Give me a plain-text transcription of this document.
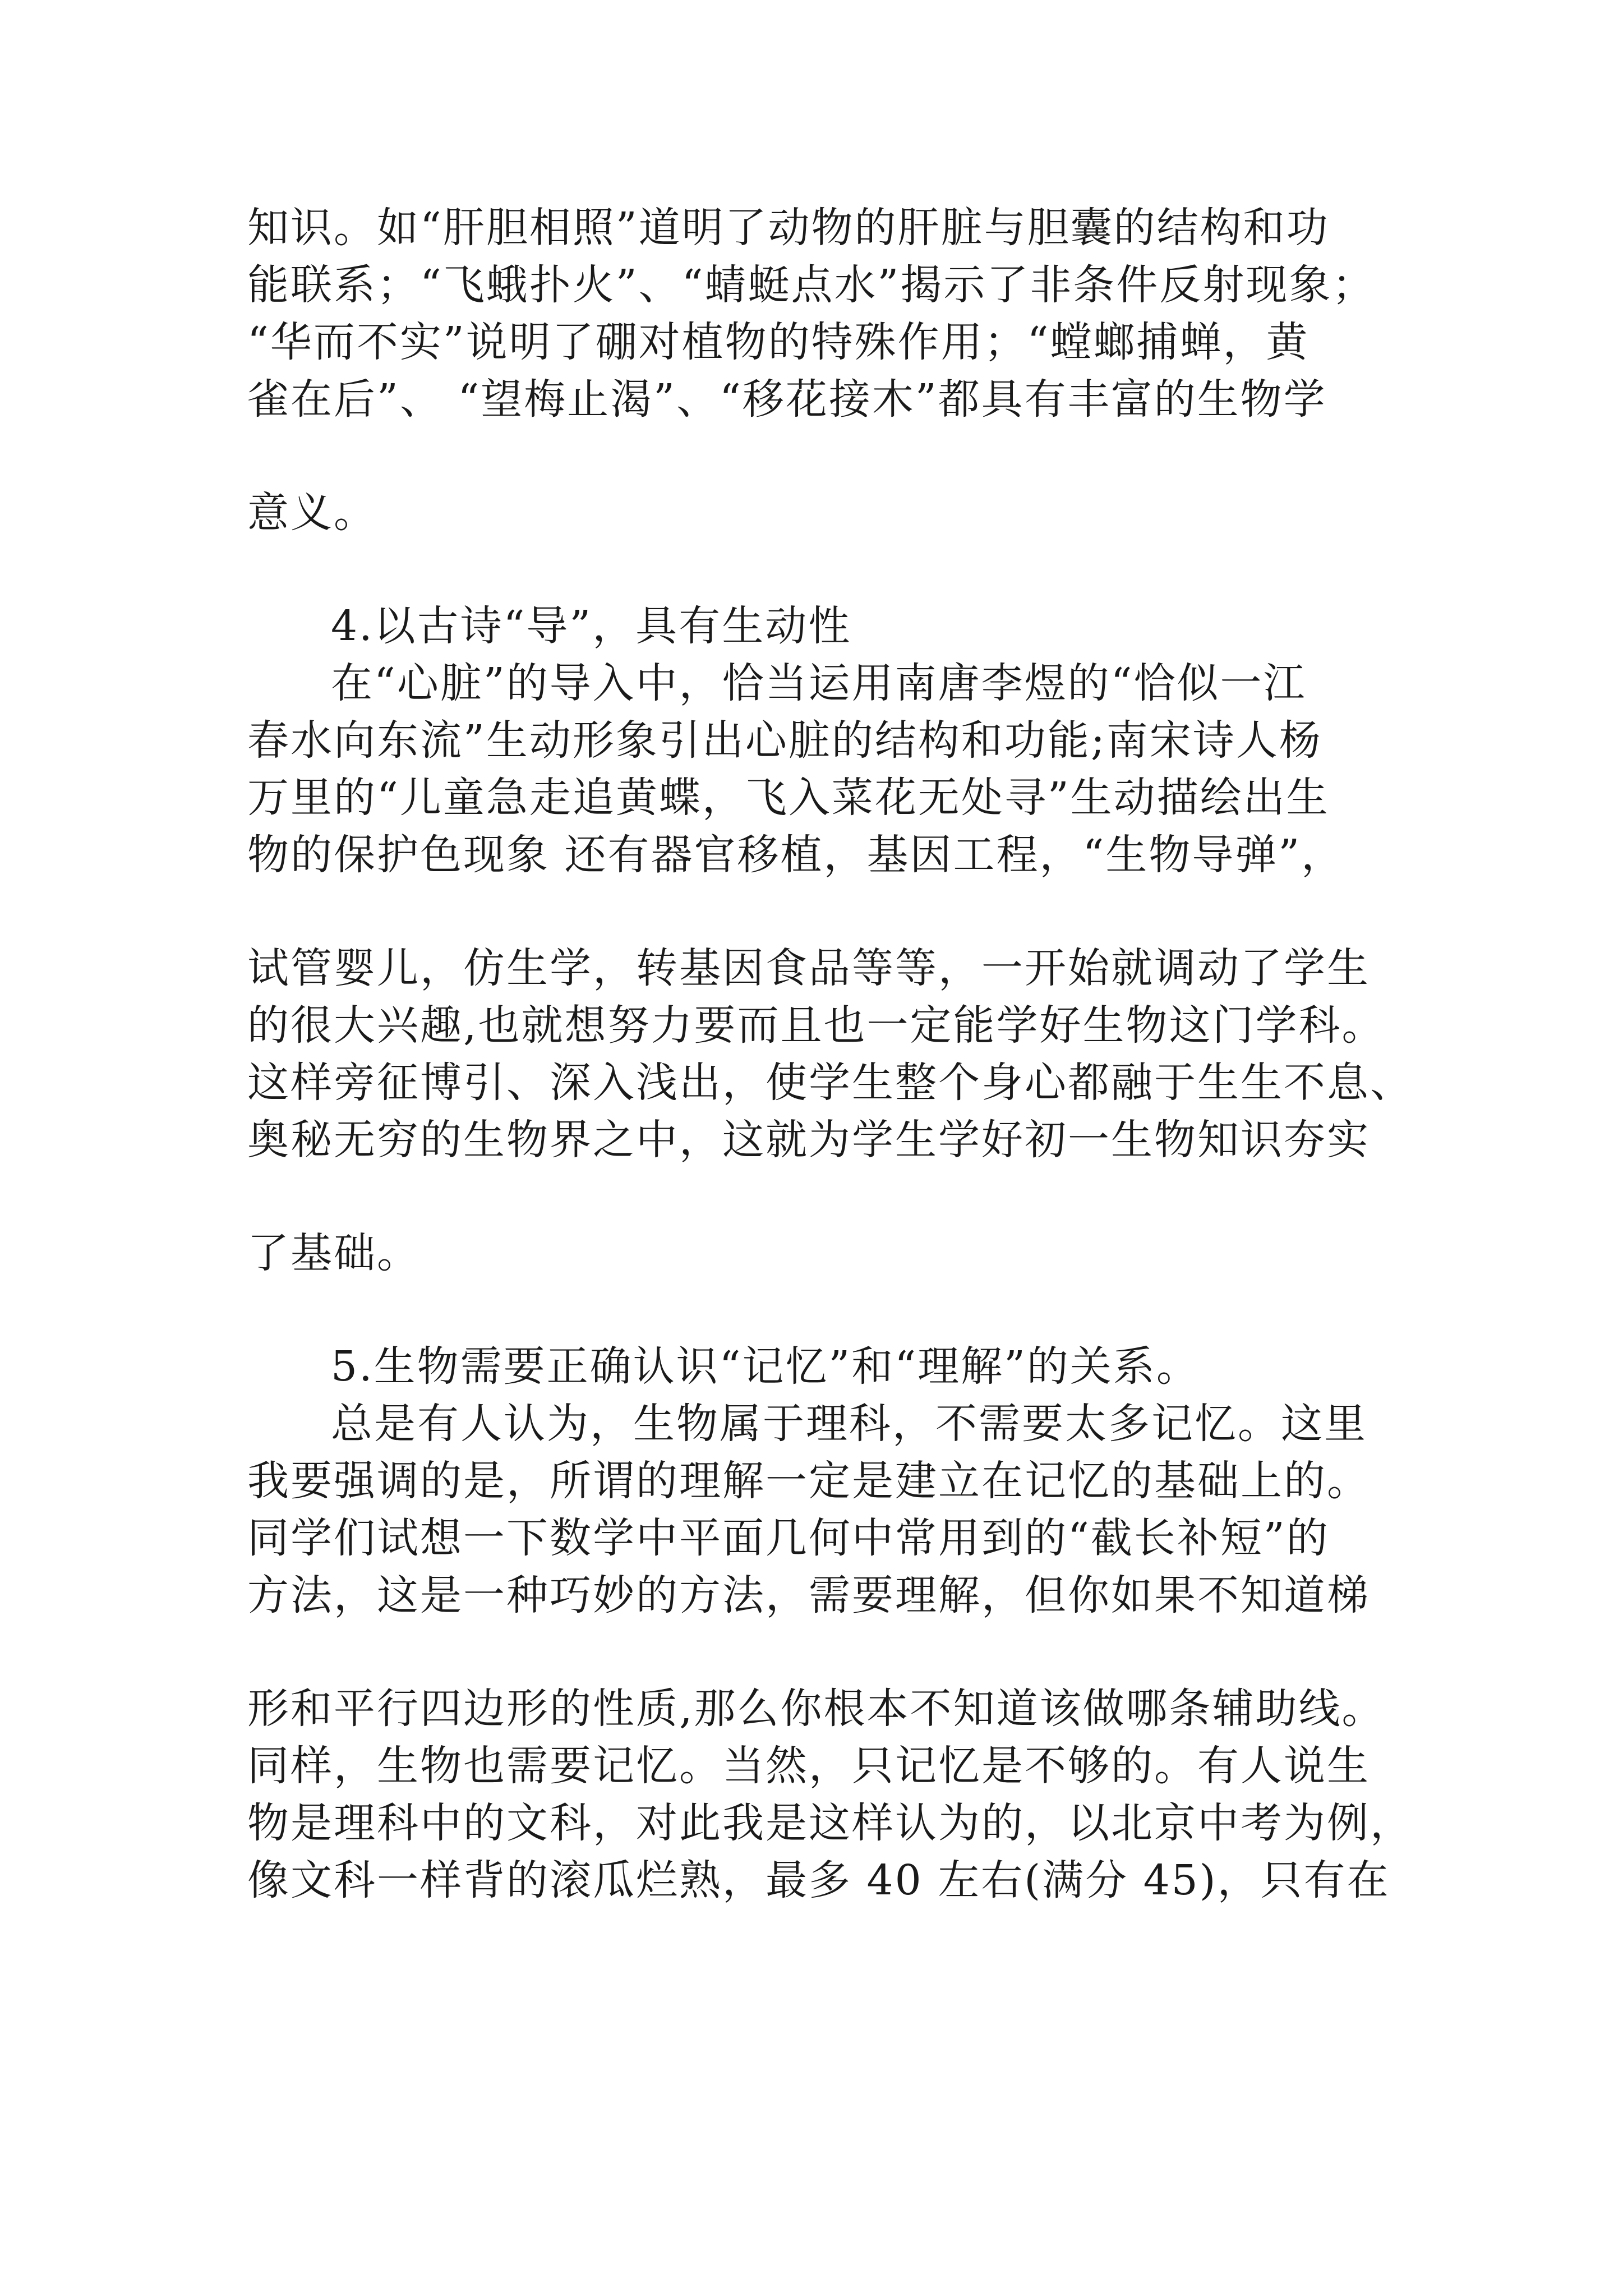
知识。如“肝胆相照”道明了动物的肝脏与胆囊的结构和功
能联系；“飞蛾扑火”、“蜻蜓点水”揭示了非条件反射现象；
“华而不实”说明了硼对植物的特殊作用；“螳螂捕蝉，黄
雀在后”、 “望梅止渴”、“移花接木”都具有丰富的生物学
意义。
4.以古诗“导”，具有生动性
在“心脏”的导入中，恰当运用南唐李煜的“恰似一江
春水向东流”生动形象引出心脏的结构和功能;南宋诗人杨
万里的“儿童急走追黄蝶，飞入菜花无处寻”生动描绘出生
物的保护色现象 还有器官移植，基因工程，“生物导弹”，
试管婴儿，仿生学，转基因食品等等，一开始就调动了学生
的很大兴趣,也就想努力要而且也一定能学好生物这门学科。
这样旁征博引、深入浅出，使学生整个身心都融于生生不息、
奥秘无穷的生物界之中，这就为学生学好初一生物知识夯实
了基础。
5.生物需要正确认识“记忆”和“理解”的关系。
总是有人认为，生物属于理科，不需要太多记忆。这里
我要强调的是，所谓的理解一定是建立在记忆的基础上的。
同学们试想一下数学中平面几何中常用到的“截长补短”的
方法，这是一种巧妙的方法，需要理解，但你如果不知道梯
形和平行四边形的性质,那么你根本不知道该做哪条辅助线。
同样，生物也需要记忆。当然，只记忆是不够的。有人说生
物是理科中的文科，对此我是这样认为的，以北京中考为例，
像文科一样背的滚瓜烂熟，最多 40 左右(满分 45)，只有在
